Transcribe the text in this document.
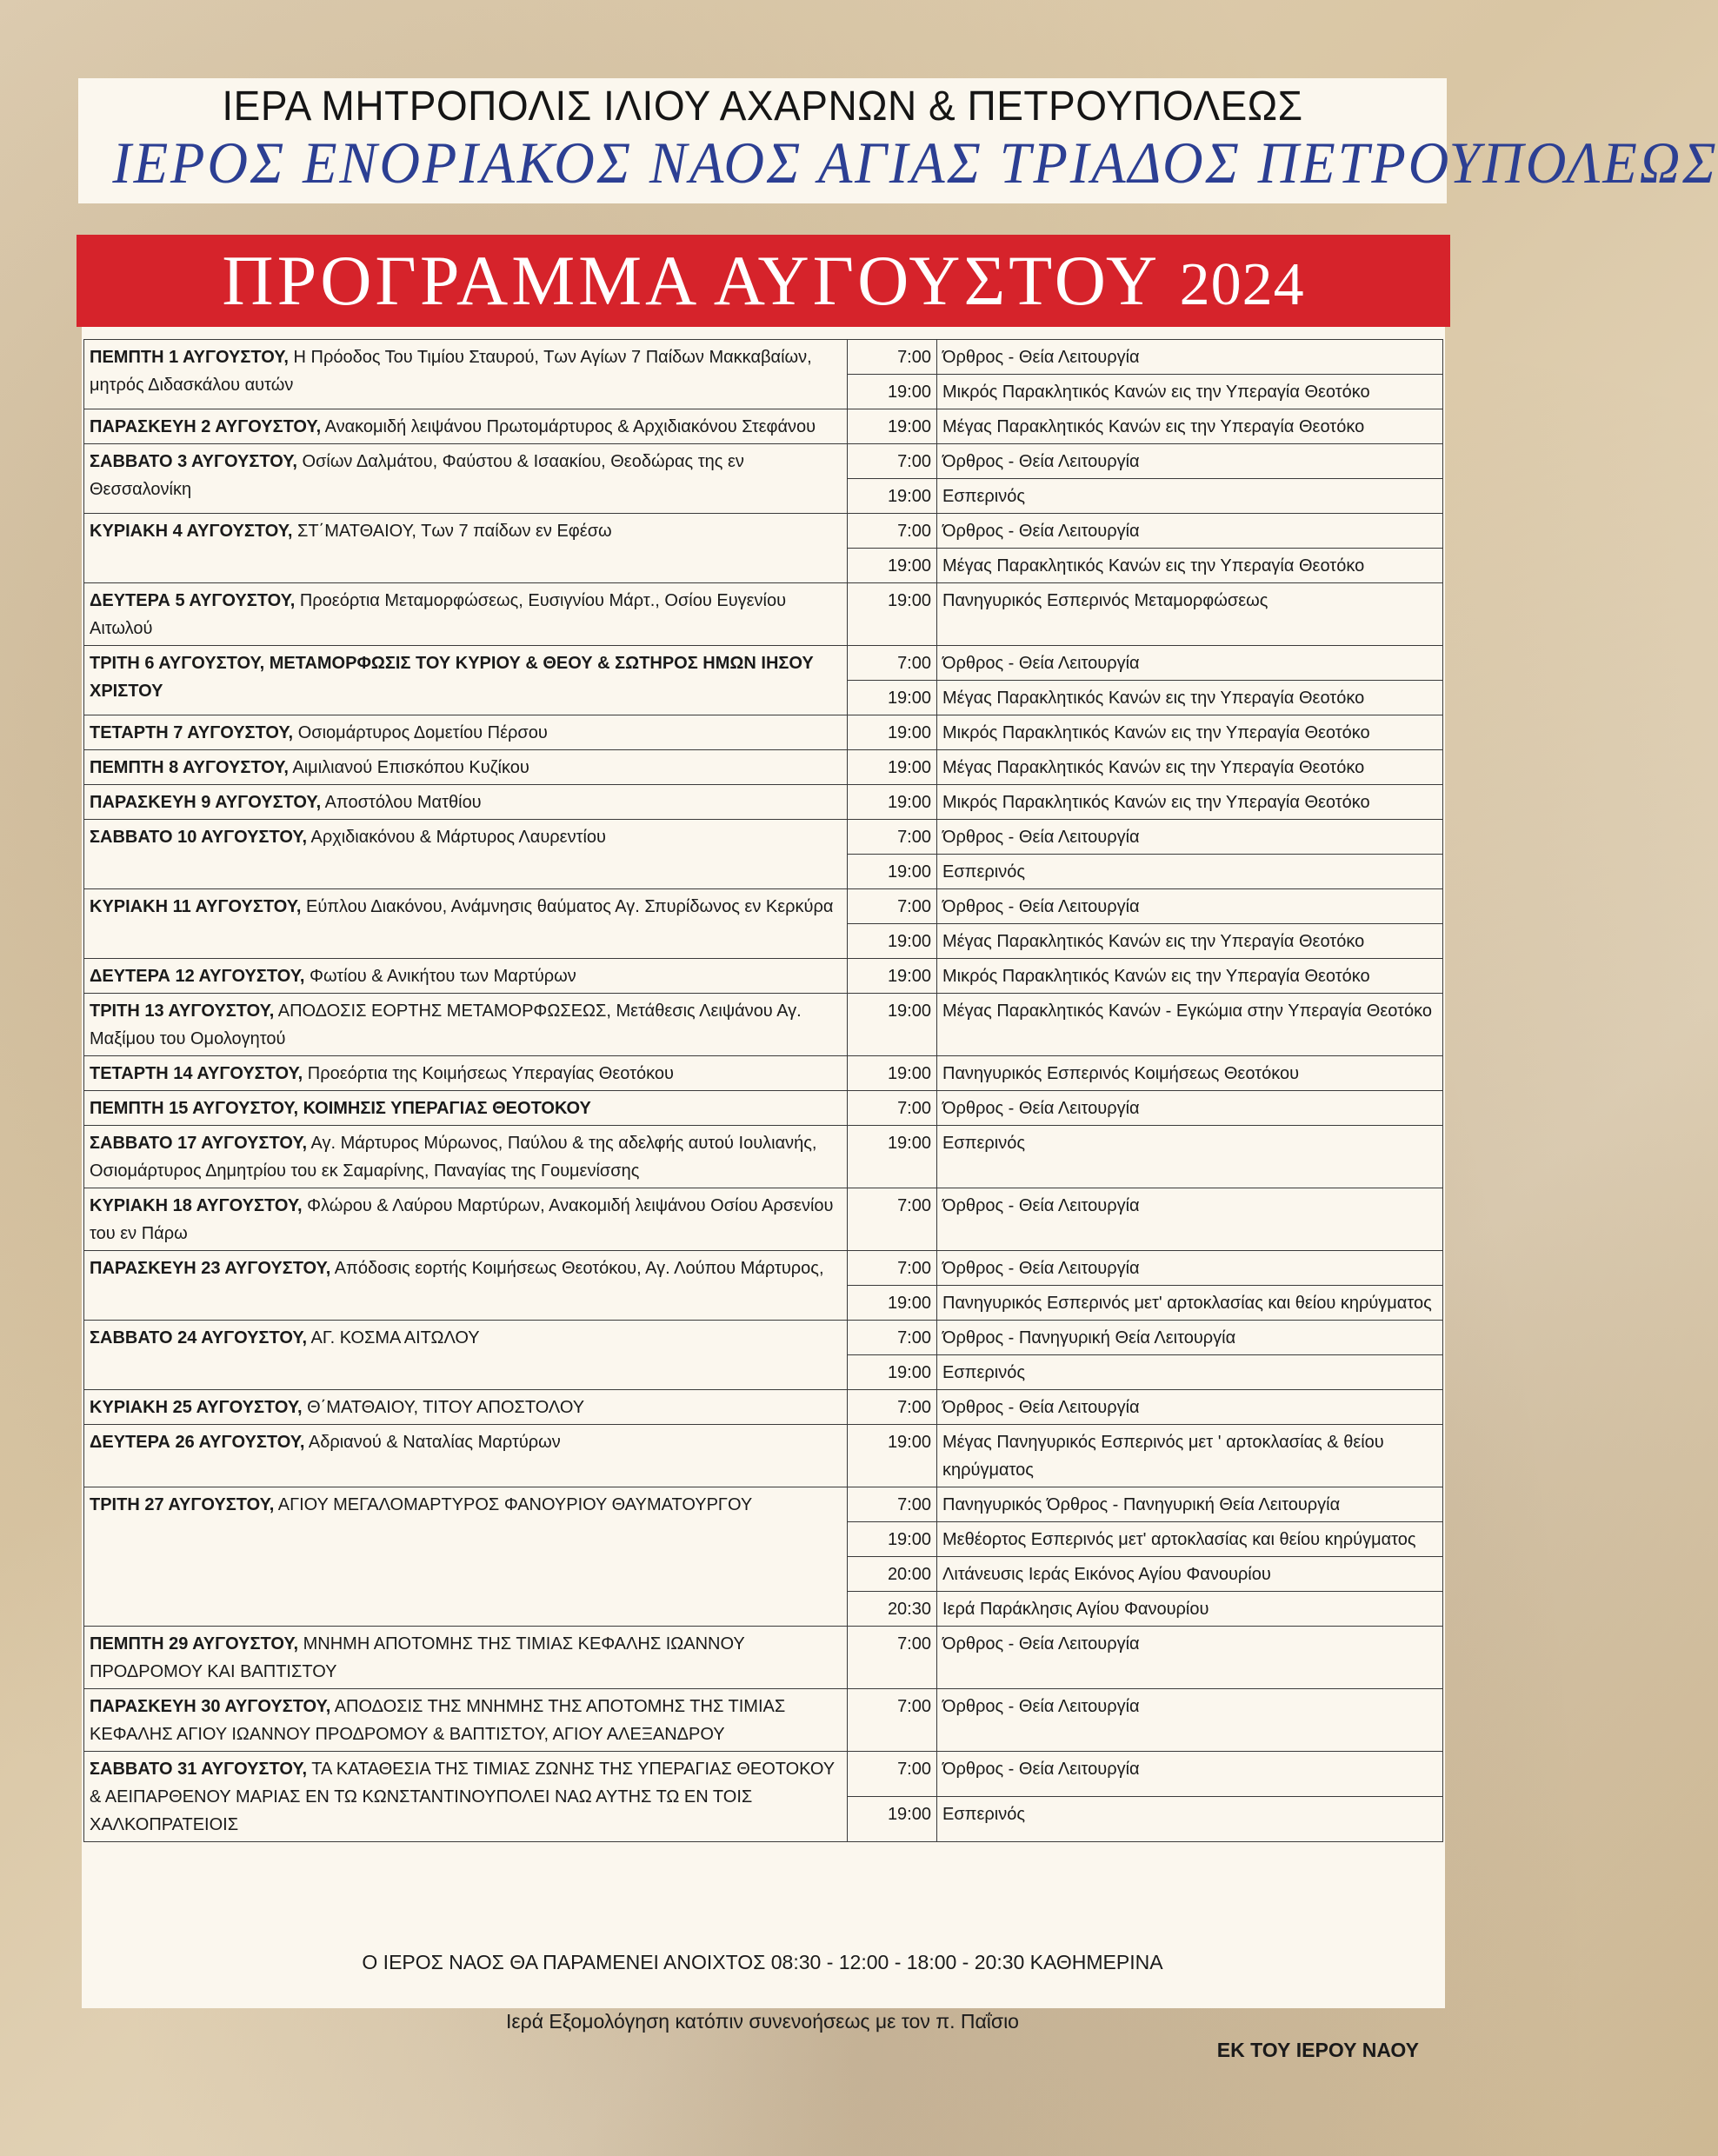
ΙΕΡΑ ΜΗΤΡΟΠΟΛΙΣ ΙΛΙΟΥ ΑΧΑΡΝΩΝ & ΠΕΤΡΟΥΠΟΛΕΩΣ
ΙΕΡΟΣ ΕΝΟΡΙΑΚΟΣ ΝΑΟΣ ΑΓΙΑΣ ΤΡΙΑΔΟΣ ΠΕΤΡΟΥΠΟΛΕΩΣ
ΠΡΟΓΡΑΜΜΑ ΑΥΓΟΥΣΤΟΥ 2024
ΠΕΜΠΤΗ 1 ΑΥΓΟΥΣΤΟΥ, Η Πρόοδος Του Τιμίου Σταυρού, Των Αγίων 7 Παίδων Μακκαβαίων, μητρός Διδασκάλου αυτών	7:00	Όρθρος - Θεία Λειτουργία
	19:00	Μικρός Παρακλητικός Κανών εις την Υπεραγία Θεοτόκο
ΠΑΡΑΣΚΕΥΗ 2 ΑΥΓΟΥΣΤΟΥ, Ανακομιδή λειψάνου Πρωτομάρτυρος & Αρχιδιακόνου Στεφάνου	19:00	Μέγας Παρακλητικός Κανών εις την Υπεραγία Θεοτόκο
ΣΑΒΒΑΤΟ 3 ΑΥΓΟΥΣΤΟΥ, Οσίων Δαλμάτου, Φαύστου & Ισαακίου, Θεοδώρας της εν Θεσσαλονίκη	7:00	Όρθρος - Θεία Λειτουργία
	19:00	Εσπερινός
ΚΥΡΙΑΚΗ 4 ΑΥΓΟΥΣΤΟΥ, ΣΤ΄ΜΑΤΘΑΙΟΥ, Των 7 παίδων εν Εφέσω	7:00	Όρθρος - Θεία Λειτουργία
	19:00	Μέγας Παρακλητικός Κανών εις την Υπεραγία Θεοτόκο
ΔΕΥΤΕΡΑ 5 ΑΥΓΟΥΣΤΟΥ, Προεόρτια Μεταμορφώσεως, Ευσιγνίου Μάρτ., Οσίου Ευγενίου Αιτωλού	19:00	Πανηγυρικός Εσπερινός Μεταμορφώσεως
ΤΡΙΤΗ 6 ΑΥΓΟΥΣΤΟΥ, ΜΕΤΑΜΟΡΦΩΣΙΣ ΤΟΥ ΚΥΡΙΟΥ & ΘΕΟΥ & ΣΩΤΗΡΟΣ ΗΜΩΝ ΙΗΣΟΥ ΧΡΙΣΤΟΥ	7:00	Όρθρος - Θεία Λειτουργία
	19:00	Μέγας Παρακλητικός Κανών εις την Υπεραγία Θεοτόκο
ΤΕΤΑΡΤΗ 7 ΑΥΓΟΥΣΤΟΥ, Οσιομάρτυρος Δομετίου Πέρσου	19:00	Μικρός Παρακλητικός Κανών εις την Υπεραγία Θεοτόκο
ΠΕΜΠΤΗ 8 ΑΥΓΟΥΣΤΟΥ, Αιμιλιανού Επισκόπου Κυζίκου	19:00	Μέγας Παρακλητικός Κανών εις την Υπεραγία Θεοτόκο
ΠΑΡΑΣΚΕΥΗ 9 ΑΥΓΟΥΣΤΟΥ, Αποστόλου Ματθίου	19:00	Μικρός Παρακλητικός Κανών εις την Υπεραγία Θεοτόκο
ΣΑΒΒΑΤΟ 10 ΑΥΓΟΥΣΤΟΥ, Αρχιδιακόνου & Μάρτυρος Λαυρεντίου	7:00	Όρθρος - Θεία Λειτουργία
	19:00	Εσπερινός
ΚΥΡΙΑΚΗ 11 ΑΥΓΟΥΣΤΟΥ, Εύπλου Διακόνου, Ανάμνησις θαύματος Αγ. Σπυρίδωνος εν Κερκύρα	7:00	Όρθρος - Θεία Λειτουργία
	19:00	Μέγας Παρακλητικός Κανών εις την Υπεραγία Θεοτόκο
ΔΕΥΤΕΡΑ 12 ΑΥΓΟΥΣΤΟΥ, Φωτίου & Ανικήτου των Μαρτύρων	19:00	Μικρός Παρακλητικός Κανών εις την Υπεραγία Θεοτόκο
ΤΡΙΤΗ 13 ΑΥΓΟΥΣΤΟΥ, ΑΠΟΔΟΣΙΣ ΕΟΡΤΗΣ ΜΕΤΑΜΟΡΦΩΣΕΩΣ, Μετάθεσις Λειψάνου Αγ. Μαξίμου του Ομολογητού	19:00	Μέγας Παρακλητικός Κανών - Εγκώμια στην Υπεραγία Θεοτόκο
ΤΕΤΑΡΤΗ 14 ΑΥΓΟΥΣΤΟΥ, Προεόρτια της Κοιμήσεως Υπεραγίας Θεοτόκου	19:00	Πανηγυρικός Εσπερινός Κοιμήσεως Θεοτόκου
ΠΕΜΠΤΗ 15 ΑΥΓΟΥΣΤΟΥ, ΚΟΙΜΗΣΙΣ ΥΠΕΡΑΓΙΑΣ ΘΕΟΤΟΚΟΥ	7:00	Όρθρος - Θεία Λειτουργία
ΣΑΒΒΑΤΟ 17 ΑΥΓΟΥΣΤΟΥ, Αγ. Μάρτυρος Μύρωνος, Παύλου & της αδελφής αυτού Ιουλιανής, Οσιομάρτυρος Δημητρίου του εκ Σαμαρίνης, Παναγίας της Γουμενίσσης	19:00	Εσπερινός
ΚΥΡΙΑΚΗ 18 ΑΥΓΟΥΣΤΟΥ, Φλώρου & Λαύρου Μαρτύρων, Ανακομιδή λειψάνου Οσίου Αρσενίου του εν Πάρω	7:00	Όρθρος - Θεία Λειτουργία
ΠΑΡΑΣΚΕΥΗ 23 ΑΥΓΟΥΣΤΟΥ, Απόδοσις εορτής Κοιμήσεως Θεοτόκου, Αγ. Λούπου Μάρτυρος,	7:00	Όρθρος - Θεία Λειτουργία
	19:00	Πανηγυρικός Εσπερινός μετ' αρτοκλασίας και θείου κηρύγματος
ΣΑΒΒΑΤΟ 24 ΑΥΓΟΥΣΤΟΥ, ΑΓ. ΚΟΣΜΑ ΑΙΤΩΛΟΥ	7:00	Όρθρος - Πανηγυρική Θεία Λειτουργία
	19:00	Εσπερινός
ΚΥΡΙΑΚΗ 25 ΑΥΓΟΥΣΤΟΥ, Θ΄ΜΑΤΘΑΙΟΥ, ΤΙΤΟΥ ΑΠΟΣΤΟΛΟΥ	7:00	Όρθρος - Θεία Λειτουργία
ΔΕΥΤΕΡΑ 26 ΑΥΓΟΥΣΤΟΥ, Αδριανού & Ναταλίας Μαρτύρων	19:00	Μέγας Πανηγυρικός Εσπερινός μετ ' αρτοκλασίας & θείου κηρύγματος
ΤΡΙΤΗ 27 ΑΥΓΟΥΣΤΟΥ, ΑΓΙΟΥ ΜΕΓΑΛΟΜΑΡΤΥΡΟΣ ΦΑΝΟΥΡΙΟΥ ΘΑΥΜΑΤΟΥΡΓΟΥ	7:00	Πανηγυρικός Όρθρος - Πανηγυρική Θεία Λειτουργία
	19:00	Μεθέορτος Εσπερινός μετ' αρτοκλασίας και θείου κηρύγματος
	20:00	Λιτάνευσις Ιεράς Εικόνος Αγίου Φανουρίου
	20:30	Ιερά Παράκλησις Αγίου Φανουρίου
ΠΕΜΠΤΗ 29 ΑΥΓΟΥΣΤΟΥ, ΜΝΗΜΗ ΑΠΟΤΟΜΗΣ ΤΗΣ ΤΙΜΙΑΣ ΚΕΦΑΛΗΣ ΙΩΑΝΝΟΥ ΠΡΟΔΡΟΜΟΥ ΚΑΙ ΒΑΠΤΙΣΤΟΥ	7:00	Όρθρος - Θεία Λειτουργία
ΠΑΡΑΣΚΕΥΗ 30 ΑΥΓΟΥΣΤΟΥ, ΑΠΟΔΟΣΙΣ ΤΗΣ ΜΝΗΜΗΣ ΤΗΣ ΑΠΟΤΟΜΗΣ ΤΗΣ ΤΙΜΙΑΣ ΚΕΦΑΛΗΣ ΑΓΙΟΥ ΙΩΑΝΝΟΥ ΠΡΟΔΡΟΜΟΥ & ΒΑΠΤΙΣΤΟΥ, ΑΓΙΟΥ ΑΛΕΞΑΝΔΡΟΥ	7:00	Όρθρος - Θεία Λειτουργία
ΣΑΒΒΑΤΟ 31 ΑΥΓΟΥΣΤΟΥ, ΤΑ ΚΑΤΑΘΕΣΙΑ ΤΗΣ ΤΙΜΙΑΣ ΖΩΝΗΣ ΤΗΣ ΥΠΕΡΑΓΙΑΣ ΘΕΟΤΟΚΟΥ & ΑΕΙΠΑΡΘΕΝΟΥ ΜΑΡΙΑΣ ΕΝ ΤΩ ΚΩΝΣΤΑΝΤΙΝΟΥΠΟΛΕΙ ΝΑΩ ΑΥΤΗΣ ΤΩ ΕΝ ΤΟΙΣ ΧΑΛΚΟΠΡΑΤΕΙΟΙΣ	7:00	Όρθρος - Θεία Λειτουργία
	19:00	Εσπερινός
Ο ΙΕΡΟΣ ΝΑΟΣ ΘΑ ΠΑΡΑΜΕΝΕΙ ΑΝΟΙΧΤΟΣ 08:30 - 12:00 - 18:00 - 20:30 ΚΑΘΗΜΕΡΙΝΑ
Ιερά Εξομολόγηση κατόπιν συνενοήσεως με τον π. Παΐσιο
ΕΚ ΤΟΥ ΙΕΡΟΥ ΝΑΟΥ
